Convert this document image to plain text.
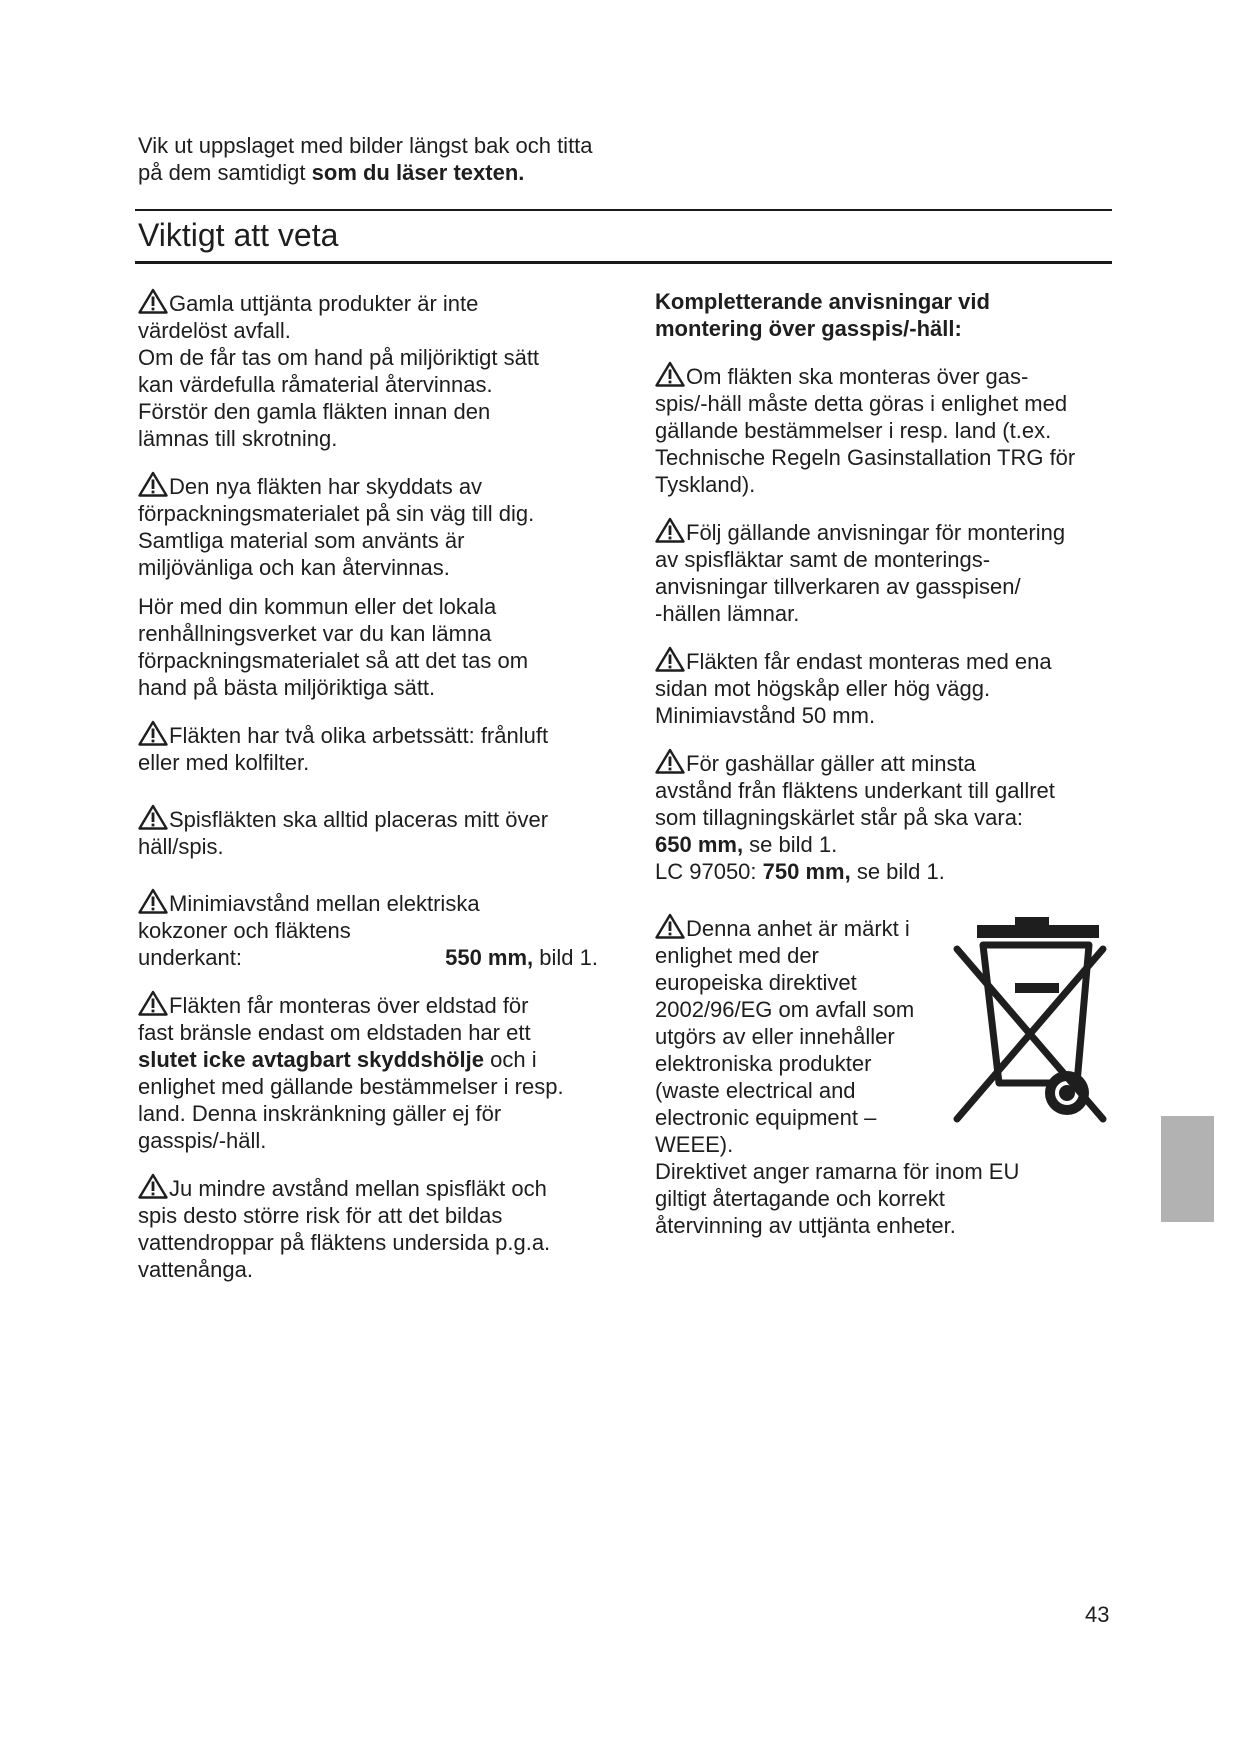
Vik ut uppslaget med bilder längst bak och titta
på dem samtidigt som du läser texten.
Viktigt att veta

Gamla uttjänta produkter är inte
värdelöst avfall.
Om de får tas om hand på miljöriktigt sätt
kan värdefulla råmaterial återvinnas.
Förstör den gamla fläkten innan den
lämnas till skrotning.

Den nya fläkten har skyddats av
förpackningsmaterialet på sin väg till dig.
Samtliga material som använts är
miljövänliga och kan återvinnas.

Hör med din kommun eller det lokala
renhållningsverket var du kan lämna
förpackningsmaterialet så att det tas om
hand på bästa miljöriktiga sätt.

Fläkten har två olika arbetssätt: frånluft
eller med kolfilter.

Spisfläkten ska alltid placeras mitt över
häll/spis.

Minimiavstånd mellan elektriska
kokzoner och fläktens

underkant:	550 mm, bild 1.

Fläkten får monteras över eldstad för
fast bränsle endast om eldstaden har ett
slutet icke avtagbart skyddshölje och i
enlighet med gällande bestämmelser i resp.
land. Denna inskränkning gäller ej för
gasspis/-häll.

Ju mindre avstånd mellan spisfläkt och
spis desto större risk för att det bildas
vattendroppar på fläktens undersida p.g.a.
vattenånga.

Kompletterande anvisningar vid
montering över gasspis/-häll:

Om fläkten ska monteras över gas-
spis/-häll måste detta göras i enlighet med
gällande bestämmelser i resp. land (t.ex.
Technische Regeln Gasinstallation TRG för
Tyskland).

Följ gällande anvisningar för montering
av spisfläktar samt de monterings-
anvisningar tillverkaren av gasspisen/
-hällen lämnar.

Fläkten får endast monteras med ena
sidan mot högskåp eller hög vägg.
Minimiavstånd 50 mm.

För gashällar gäller att minsta
avstånd från fläktens underkant till gallret
som tillagningskärlet står på ska vara:
650 mm, se bild 1.
LC 97050: 750 mm, se bild 1.

Denna anhet är märkt i
enlighet med der
europeiska direktivet
2002/96/EG om avfall som
utgörs av eller innehåller
elektroniska produkter
(waste electrical and
electronic equipment –
WEEE).

Direktivet anger ramarna för inom EU
giltigt återtagande och korrekt
återvinning av uttjänta enheter.

43
